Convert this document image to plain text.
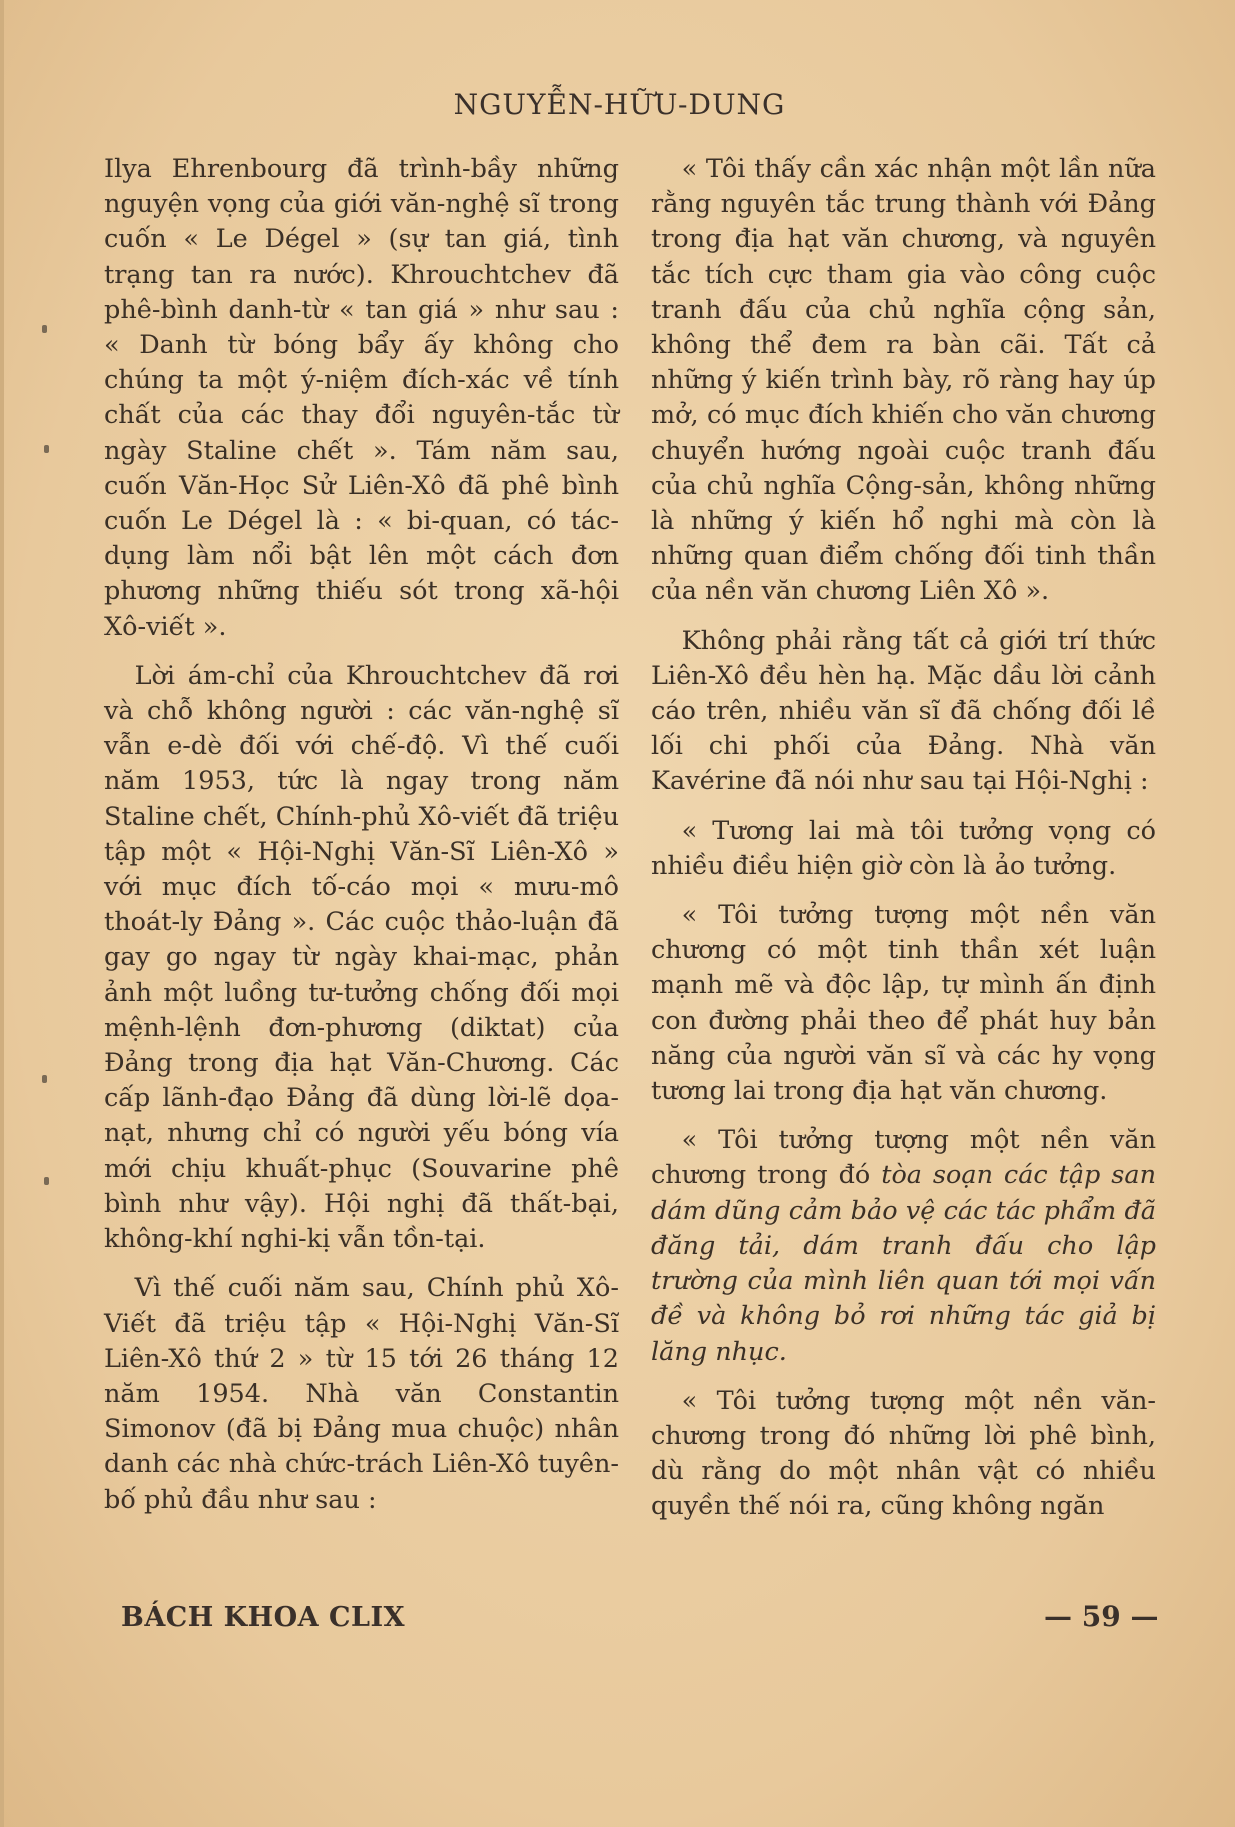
NGUYỄN-HỮU-DUNG

Ilya Ehrenbourg đã trình-bầy những nguyện vọng của giới văn-nghệ sĩ trong cuốn « Le Dégel » (sự tan giá, tình trạng tan ra nước). Khrouchtchev đã phê-bình danh-từ « tan giá » như sau : « Danh từ bóng bẩy ấy không cho chúng ta một ý-niệm đích-xác về tính chất của các thay đổi nguyên-tắc từ ngày Staline chết ». Tám năm sau, cuốn Văn-Học Sử Liên-Xô đã phê bình cuốn Le Dégel là : « bi-quan, có tác-dụng làm nổi bật lên một cách đơn phương những thiếu sót trong xã-hội Xô-viết ».

Lời ám-chỉ của Khrouchtchev đã rơi và chỗ không người : các văn-nghệ sĩ vẫn e-dè đối với chế-độ. Vì thế cuối năm 1953, tức là ngay trong năm Staline chết, Chính-phủ Xô-viết đã triệu tập một « Hội-Nghị Văn-Sĩ Liên-Xô » với mục đích tố-cáo mọi « mưu-mô thoát-ly Đảng ». Các cuộc thảo-luận đã gay go ngay từ ngày khai-mạc, phản ảnh một luồng tư-tưởng chống đối mọi mệnh-lệnh đơn-phương (diktat) của Đảng trong địa hạt Văn-Chương. Các cấp lãnh-đạo Đảng đã dùng lời-lẽ dọa-nạt, nhưng chỉ có người yếu bóng vía mới chịu khuất-phục (Souvarine phê bình như vậy). Hội nghị đã thất-bại, không-khí nghi-kị vẫn tồn-tại.

Vì thế cuối năm sau, Chính phủ Xô-Viết đã triệu tập « Hội-Nghị Văn-Sĩ Liên-Xô thứ 2 » từ 15 tới 26 tháng 12 năm 1954. Nhà văn Constantin Simonov (đã bị Đảng mua chuộc) nhân danh các nhà chức-trách Liên-Xô tuyên-bố phủ đầu như sau :

« Tôi thấy cần xác nhận một lần nữa rằng nguyên tắc trung thành với Đảng trong địa hạt văn chương, và nguyên tắc tích cực tham gia vào công cuộc tranh đấu của chủ nghĩa cộng sản, không thể đem ra bàn cãi. Tất cả những ý kiến trình bày, rõ ràng hay úp mở, có mục đích khiến cho văn chương chuyển hướng ngoài cuộc tranh đấu của chủ nghĩa Cộng-sản, không những là những ý kiến hổ nghi mà còn là những quan điểm chống đối tinh thần của nền văn chương Liên Xô ».

Không phải rằng tất cả giới trí thức Liên-Xô đều hèn hạ. Mặc dầu lời cảnh cáo trên, nhiều văn sĩ đã chống đối lề lối chi phối của Đảng. Nhà văn Kavérine đã nói như sau tại Hội-Nghị :

« Tương lai mà tôi tưởng vọng có nhiều điều hiện giờ còn là ảo tưởng.

« Tôi tưởng tượng một nền văn chương có một tinh thần xét luận mạnh mẽ và độc lập, tự mình ấn định con đường phải theo để phát huy bản năng của người văn sĩ và các hy vọng tương lai trong địa hạt văn chương.

« Tôi tưởng tượng một nền văn chương trong đó tòa soạn các tập san dám dũng cảm bảo vệ các tác phẩm đã đăng tải, dám tranh đấu cho lập trường của mình liên quan tới mọi vấn đề và không bỏ rơi những tác giả bị lăng nhục.

« Tôi tưởng tượng một nền văn-chương trong đó những lời phê bình, dù rằng do một nhân vật có nhiều quyền thế nói ra, cũng không ngăn

BÁCH KHOA CLIX	— 59 —
